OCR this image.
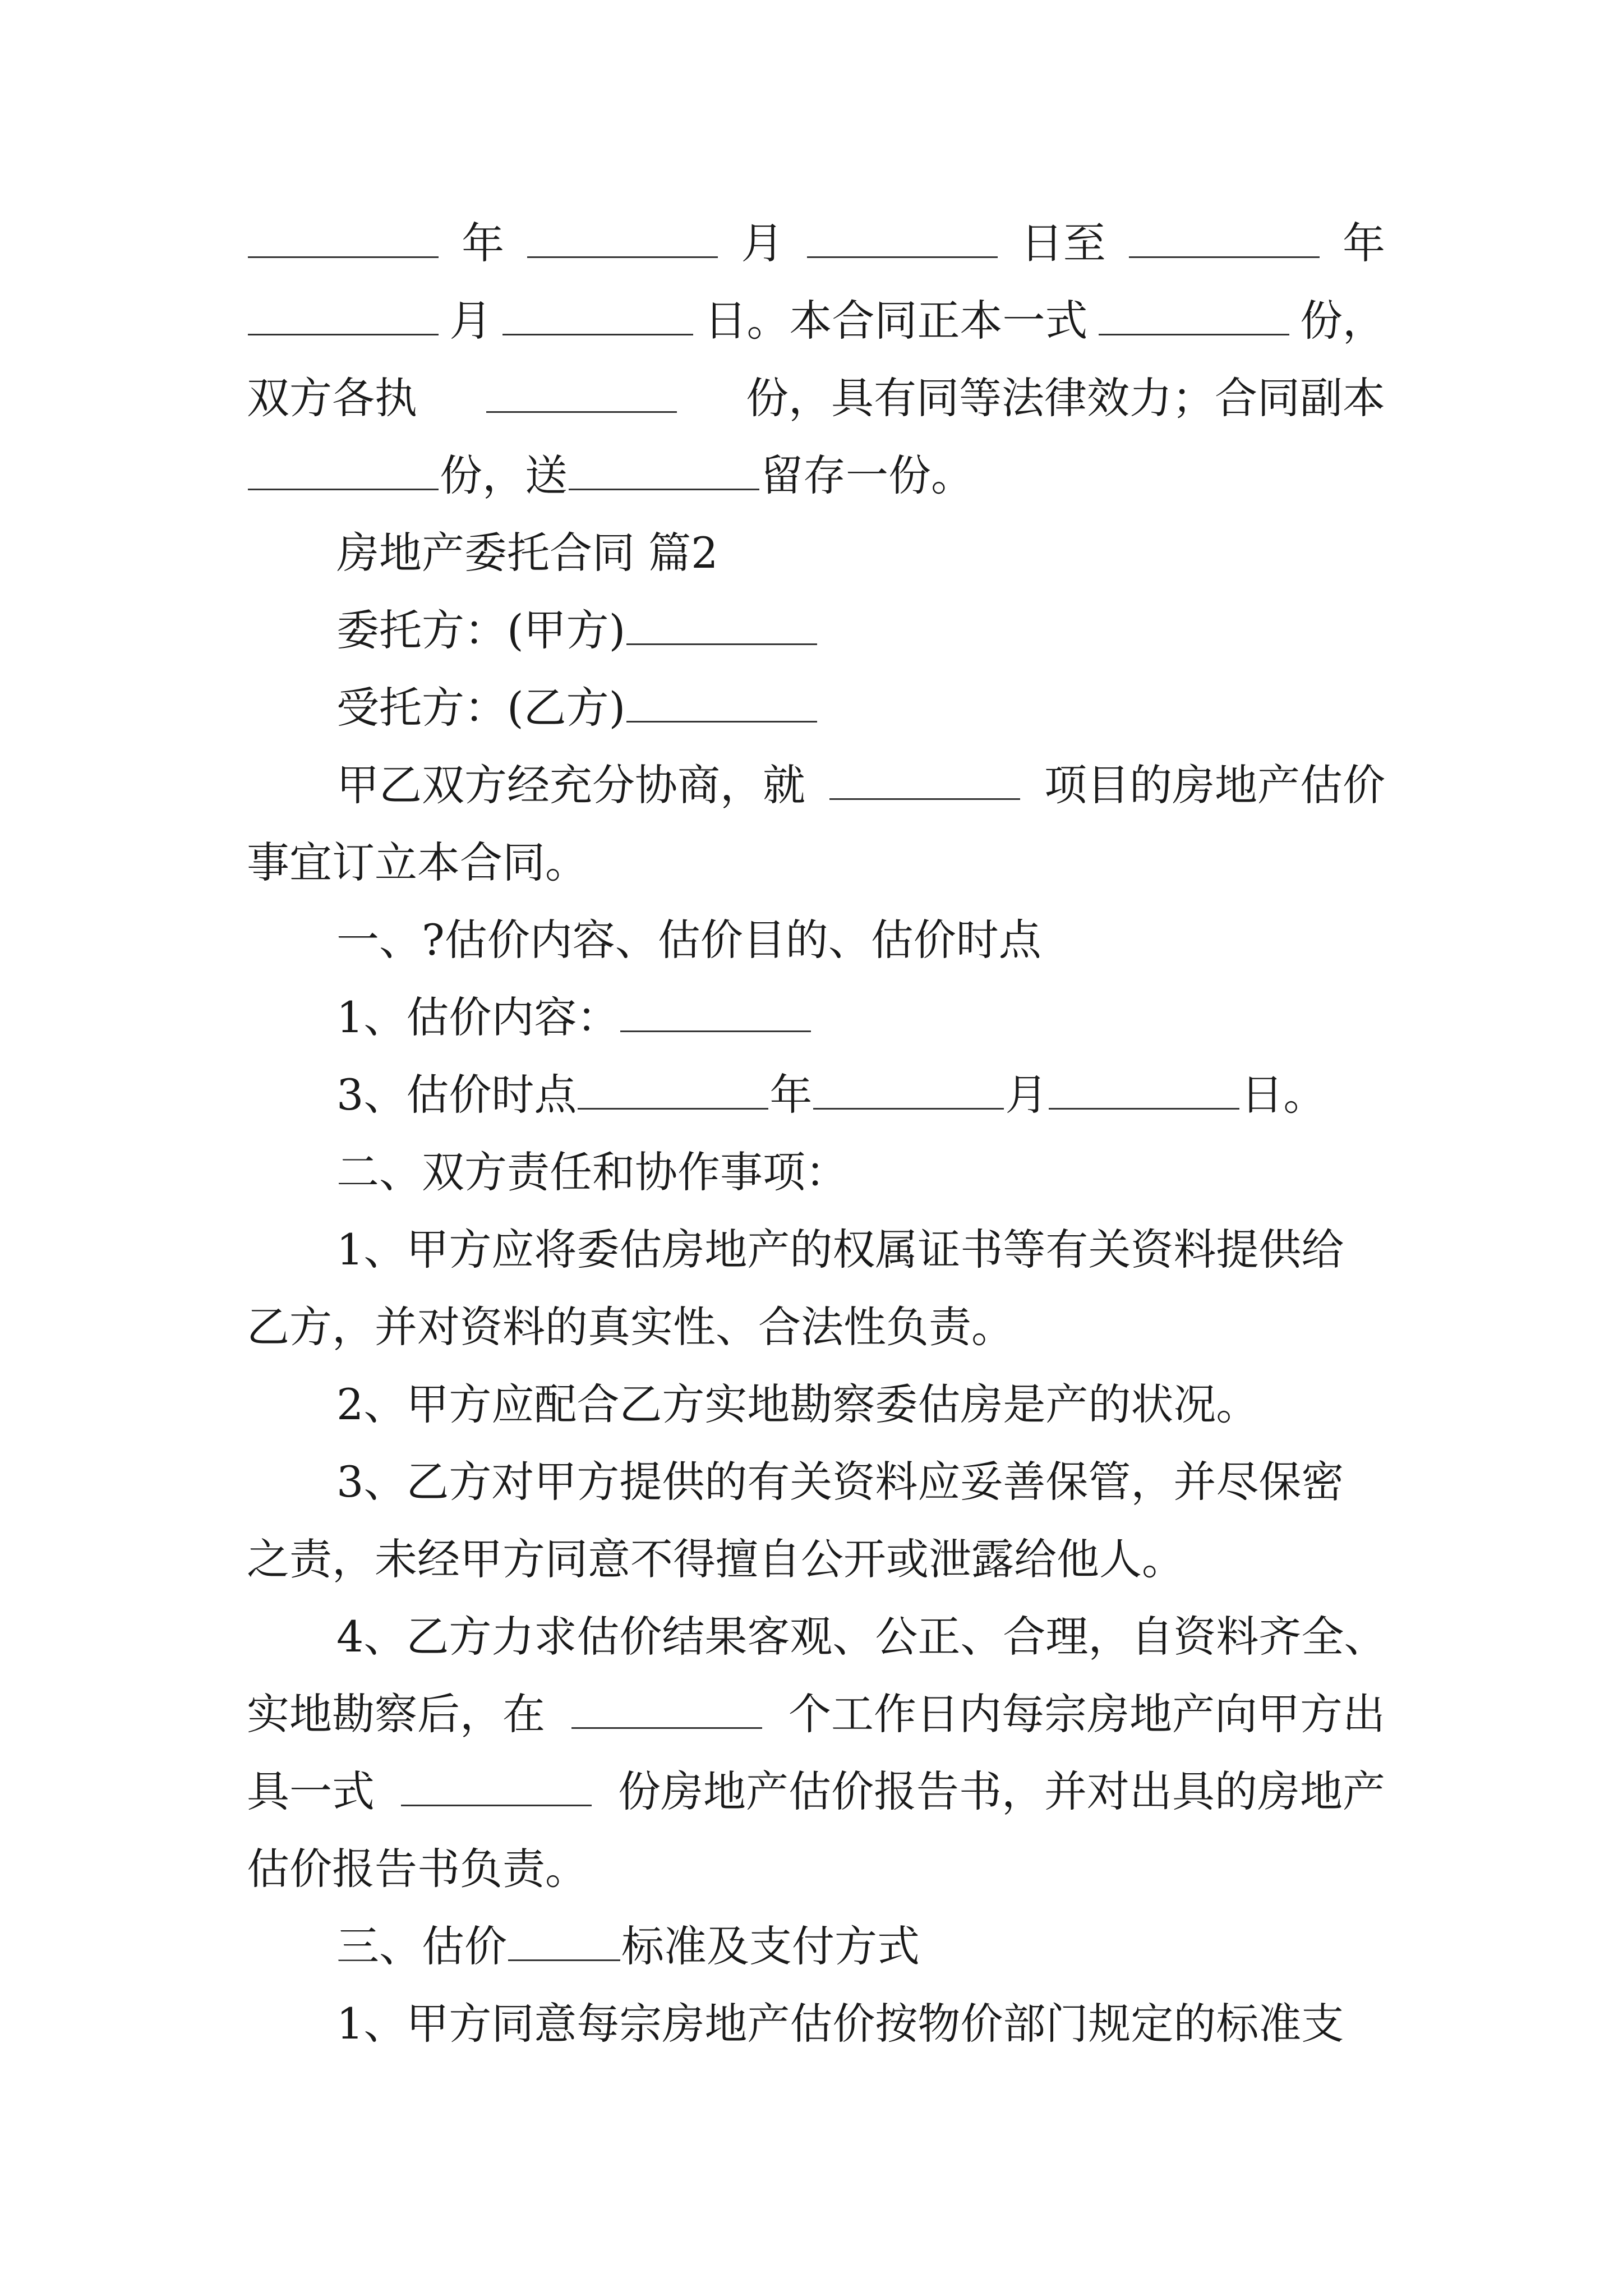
年	月	日至	年
月	日。本合同正本一式	份，
双方各执	份，具有同等法律效力；合同副本
份，送	留存一份。
房地产委托合同 篇2
委托方：(甲方)
受托方：(乙方)
甲乙双方经充分协商，就	项目的房地产估价
事宜订立本合同。
一、?估价内容、估价目的、估价时点
1、估价内容：
3、估价时点	年	月	日。
二、双方责任和协作事项：
1、甲方应将委估房地产的权属证书等有关资料提供给
乙方，并对资料的真实性、合法性负责。
2、甲方应配合乙方实地勘察委估房是产的状况。
3、乙方对甲方提供的有关资料应妥善保管，并尽保密
之责，未经甲方同意不得擅自公开或泄露给他人。
4、乙方力求估价结果客观、公正、合理，自资料齐全、
实地勘察后，在	个工作日内每宗房地产向甲方出
具一式	份房地产估价报告书，并对出具的房地产
估价报告书负责。
三、估价	标准及支付方式
1、甲方同意每宗房地产估价按物价部门规定的标准支
